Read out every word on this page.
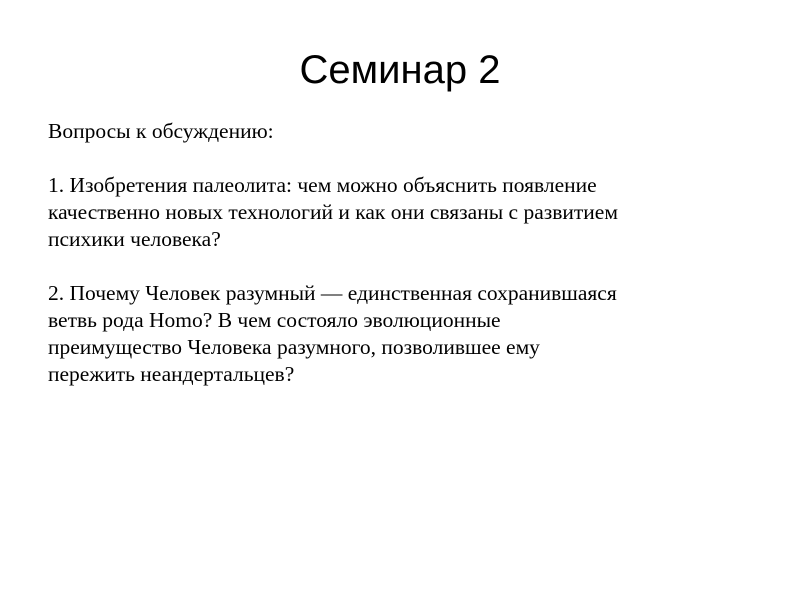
Семинар 2

Вопросы к обсуждению:

1. Изобретения палеолита: чем можно объяснить появление

качественно новых технологий и как они связаны с развитием

психики человека?

2. Почему Человек разумный — единственная сохранившаяся

ветвь рода Homo? В чем состояло эволюционные

преимущество Человека разумного, позволившее ему

пережить неандертальцев?
